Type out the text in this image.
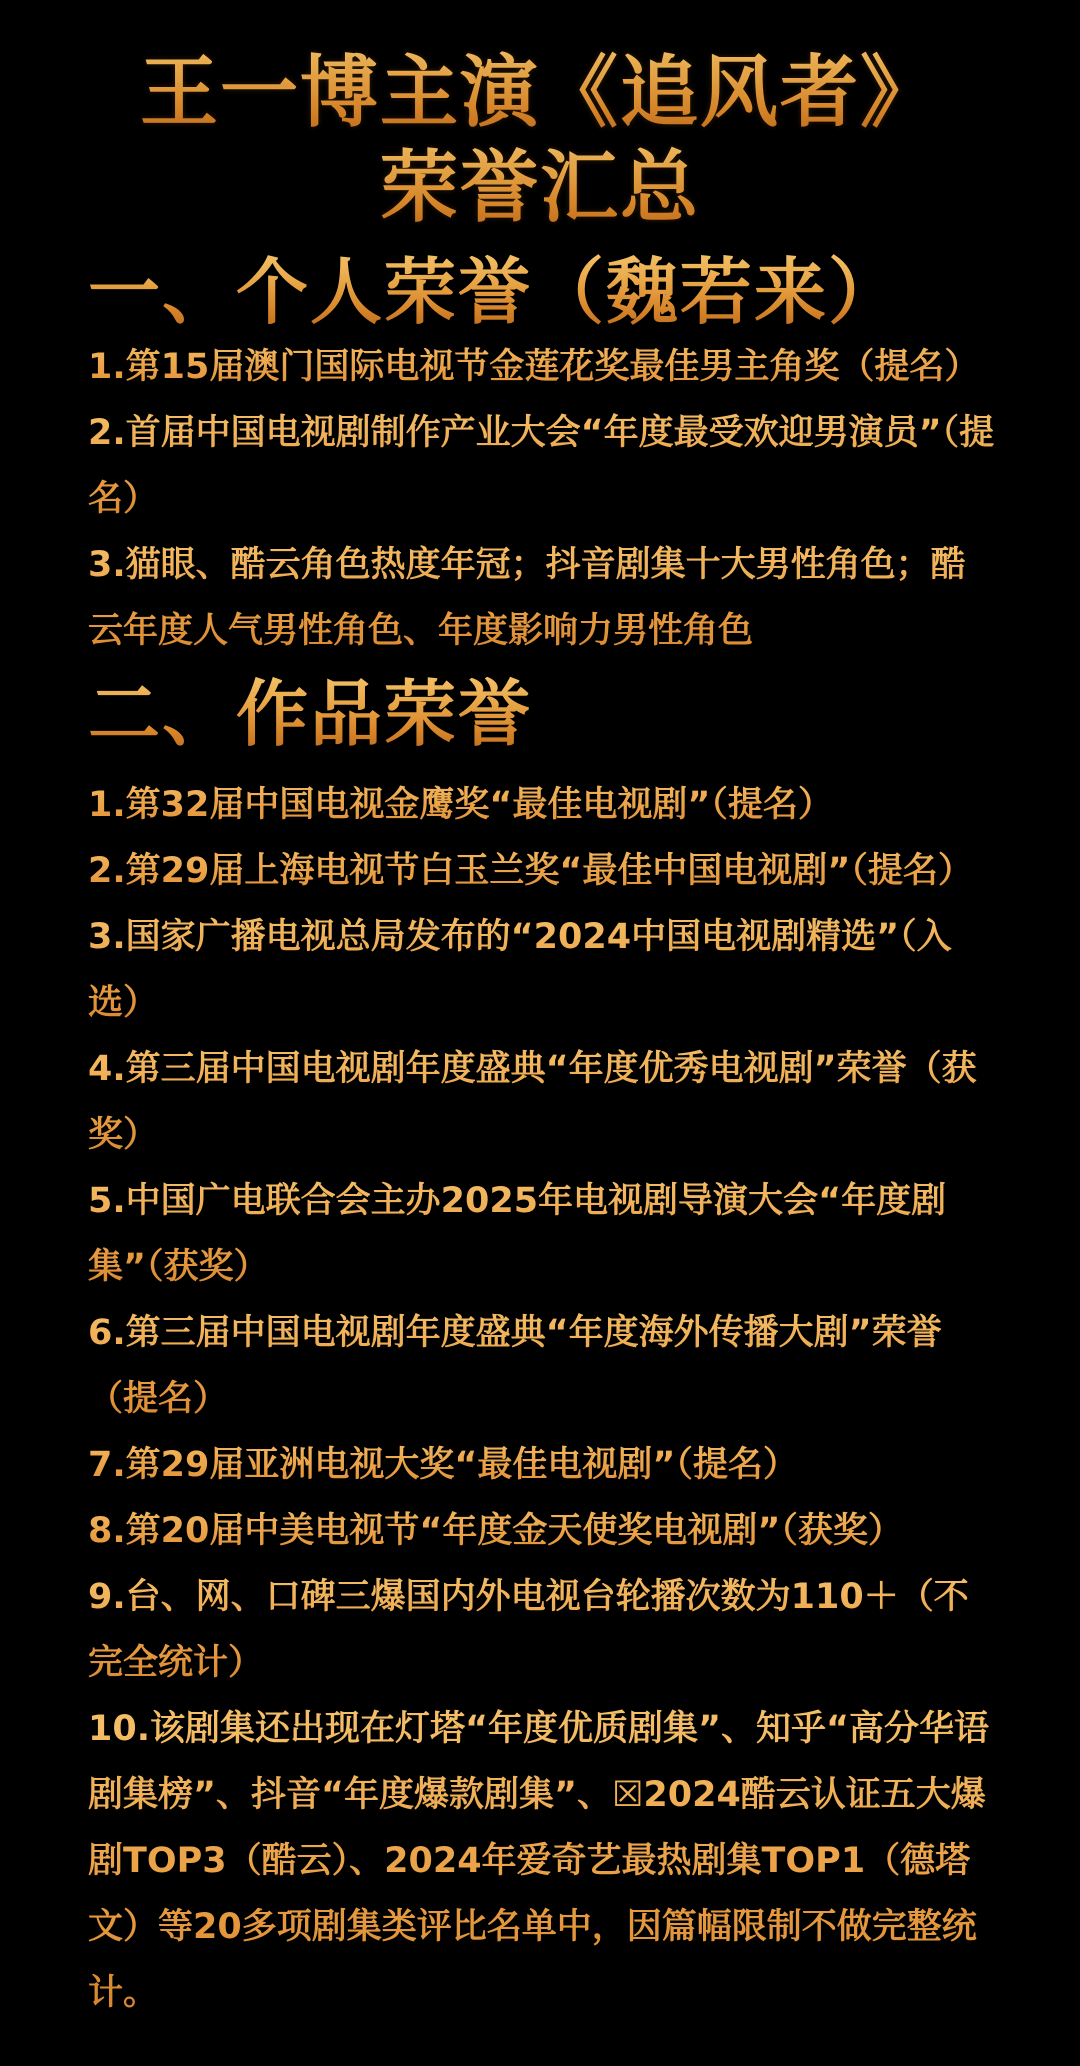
王一博主演《追风者》
荣誉汇总
一、个人荣誉（魏若来）

1.第15届澳门国际电视节金莲花奖最佳男主角奖（提名）

2.首届中国电视剧制作产业大会“年度最受欢迎男演员”（提名）

3.猫眼、酷云角色热度年冠；抖音剧集十大男性角色；酷云年度人气男性角色、年度影响力男性角色

二、作品荣誉

1.第32届中国电视金鹰奖“最佳电视剧”（提名）

2.第29届上海电视节白玉兰奖“最佳中国电视剧”（提名）

3.国家广播电视总局发布的“2024中国电视剧精选”（入选）

4.第三届中国电视剧年度盛典“年度优秀电视剧”荣誉（获奖）

5.中国广电联合会主办2025年电视剧导演大会“年度剧集”（获奖）

6.第三届中国电视剧年度盛典“年度海外传播大剧”荣誉（提名）

7.第29届亚洲电视大奖“最佳电视剧”（提名）

8.第20届中美电视节“年度金天使奖电视剧”（获奖）

9.台、网、口碑三爆国内外电视台轮播次数为110＋（不完全统计）

10.该剧集还出现在灯塔“年度优质剧集”、知乎“高分华语剧集榜”、抖音“年度爆款剧集”、☒2024酷云认证五大爆剧TOP3（酷云）、2024年爱奇艺最热剧集TOP1（德塔文）等20多项剧集类评比名单中，因篇幅限制不做完整统计。
